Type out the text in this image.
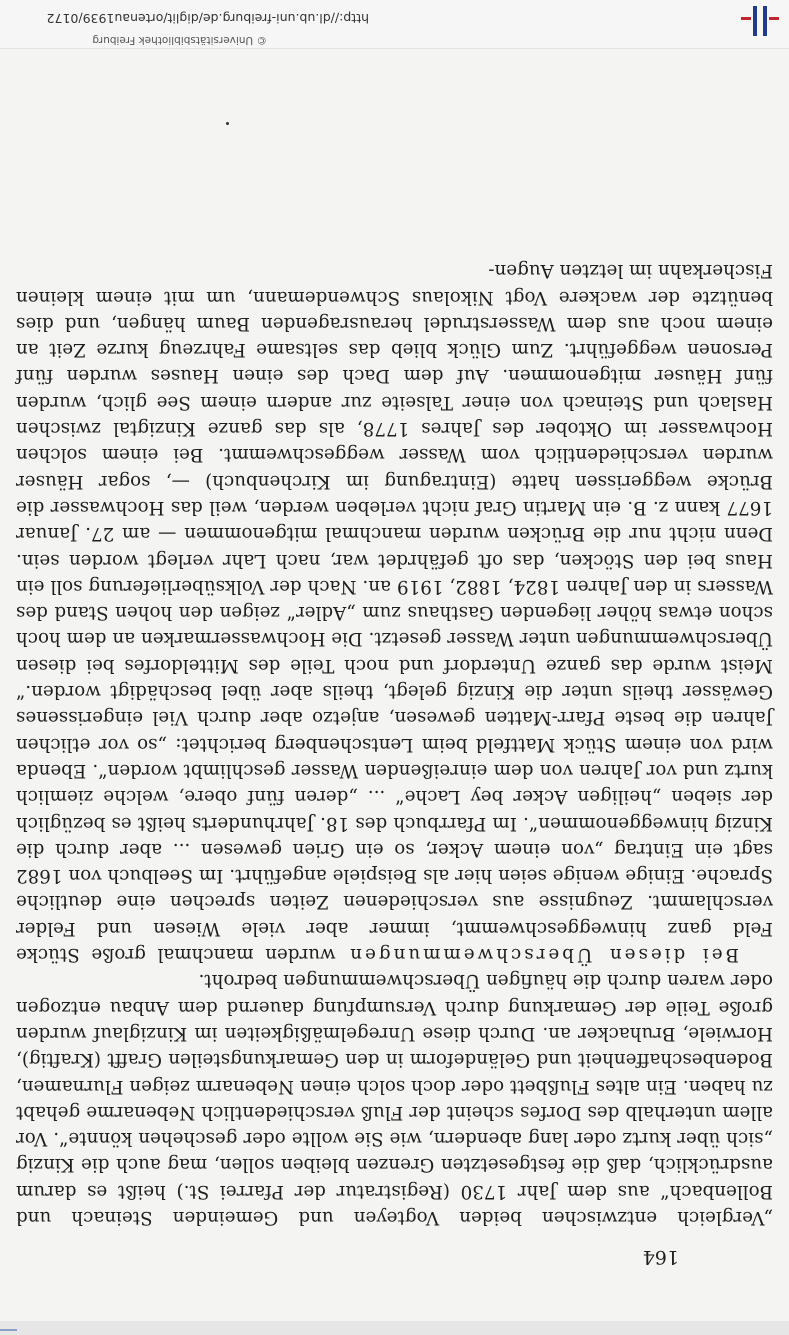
164

„Vergleich entzwischen beiden Vogteyen und Gemeinden Steinach und Bollenbach“ aus dem Jahr 1730 (Registratur der Pfarrei St.) heißt es darum ausdrücklich, daß die festgesetzten Grenzen bleiben sollen, mag auch die Kinzig „sich über kurtz oder lang abendern, wie Sie wollte oder geschehen könnte“. Vor allem unterhalb des Dorfes scheint der Fluß verschiedentlich Nebenarme gehabt zu haben. Ein altes Flußbett oder doch solch einen Nebenarm zeigen Flurnamen, Bodenbeschaffenheit und Geländeform in den Gemarkungsteilen Grafft (Kraftig), Horwiele, Bruhacker an. Durch diese Unregelmäßigkeiten im Kinziglauf wurden große Teile der Gemarkung durch Versumpfung dauernd dem Anbau entzogen oder waren durch die häufigen Überschwemmungen bedroht.

Bei diesen Überschwemmungen wurden manchmal große Stücke Feld ganz hinweggeschwemmt, immer aber viele Wiesen und Felder verschlammt. Zeugnisse aus verschiedenen Zeiten sprechen eine deutliche Sprache. Einige wenige seien hier als Beispiele angeführt. Im Seelbuch von 1682 sagt ein Eintrag „von einem Acker, so ein Grien gewesen ... aber durch die Kinzig hinweggenommen“. Im Pfarrbuch des 18. Jahrhunderts heißt es bezüglich der sieben „heiligen Acker bey Lache“ ... „deren fünf obere, welche ziemlich kurtz und vor Jahren von dem einreißenden Wasser geschlimbt worden“. Ebenda wird von einem Stück Mattfeld beim Lentschenberg berichtet: „so vor etlichen Jahren die beste Pfarr-Matten gewesen, anjetzo aber durch Viel eingerissenes Gewässer theils unter die Kinzig gelegt, theils aber übel beschädigt worden.“ Meist wurde das ganze Unterdorf und noch Teile des Mitteldorfes bei diesen Überschwemmungen unter Wasser gesetzt. Die Hochwassermarken an dem hoch schon etwas höher liegenden Gasthaus zum „Adler“ zeigen den hohen Stand des Wassers in den Jahren 1824, 1882, 1919 an. Nach der Volksüberlieferung soll ein Haus bei den Stöcken, das oft gefährdet war, nach Lahr verlegt worden sein. Denn nicht nur die Brücken wurden manchmal mitgenommen — am 27. Januar 1677 kann z. B. ein Martin Graf nicht verleben werden, weil das Hochwasser die Brücke weggerissen hatte (Eintragung im Kirchenbuch) —, sogar Häuser wurden verschiedentlich vom Wasser weggeschwemmt. Bei einem solchen Hochwasser im Oktober des Jahres 1778, als das ganze Kinzigtal zwischen Haslach und Steinach von einer Talseite zur andern einem See glich, wurden fünf Häuser mitgenommen. Auf dem Dach des einen Hauses wurden fünf Personen weggeführt. Zum Glück blieb das seltsame Fahrzeug kurze Zeit an einem noch aus dem Wasserstrudel herausragenden Baum hängen, und dies benützte der wackere Vogt Nikolaus Schwendemann, um mit einem kleinen Fischerkahn im letzten Augen-

© Universitätsbibliothek Freiburg
http://dl.ub.uni-freiburg.de/diglit/ortenau1939/0172
